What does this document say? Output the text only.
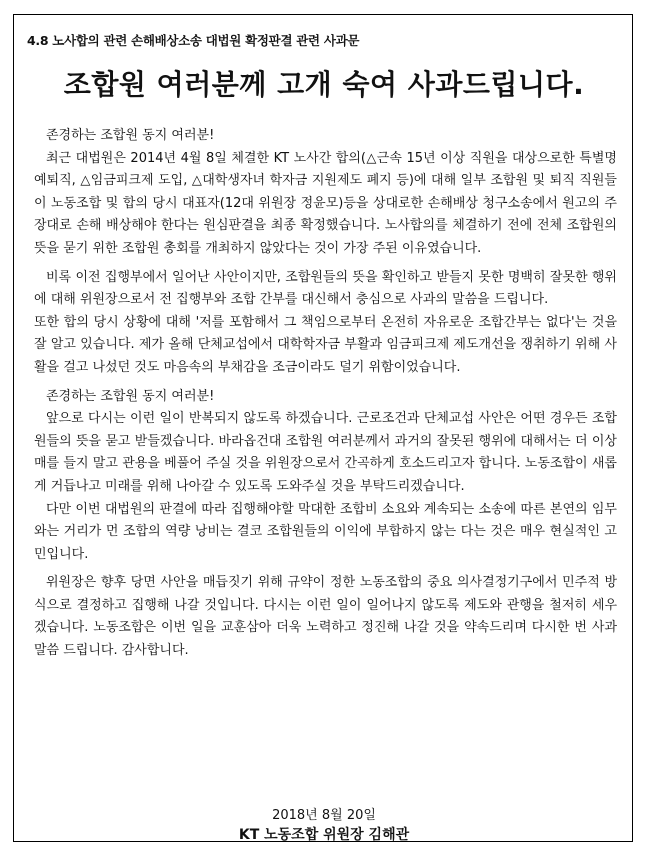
4.8 노사합의 관련 손해배상소송 대법원 확정판결 관련 사과문
조합원 여러분께 고개 숙여 사과드립니다.

존경하는 조합원 동지 여러분!

최근 대법원은 2014년 4월 8일 체결한 KT 노사간 합의(△근속 15년 이상 직원을 대상으로한 특별명예퇴직, △임금피크제 도입, △대학생자녀 학자금 지원제도 폐지 등)에 대해 일부 조합원 및 퇴직 직원들이 노동조합 및 합의 당시 대표자(12대 위원장 정윤모)등을 상대로한 손해배상 청구소송에서 원고의 주장대로 손해 배상해야 한다는 원심판결을 최종 확정했습니다. 노사합의를 체결하기 전에 전체 조합원의 뜻을 묻기 위한 조합원 총회를 개최하지 않았다는 것이 가장 주된 이유였습니다.

비록 이전 집행부에서 일어난 사안이지만, 조합원들의 뜻을 확인하고 받들지 못한 명백히 잘못한 행위에 대해 위원장으로서 전 집행부와 조합 간부를 대신해서 충심으로 사과의 말씀을 드립니다.

또한 합의 당시 상황에 대해 '저를 포함해서 그 책임으로부터 온전히 자유로운 조합간부는 없다'는 것을 잘 알고 있습니다. 제가 올해 단체교섭에서 대학학자금 부활과 임금피크제 제도개선을 쟁취하기 위해 사활을 걸고 나섰던 것도 마음속의 부채감을 조금이라도 덜기 위함이었습니다.

존경하는 조합원 동지 여러분!

앞으로 다시는 이런 일이 반복되지 않도록 하겠습니다. 근로조건과 단체교섭 사안은 어떤 경우든 조합원들의 뜻을 묻고 받들겠습니다. 바라옵건대 조합원 여러분께서 과거의 잘못된 행위에 대해서는 더 이상 매를 들지 말고 관용을 베풀어 주실 것을 위원장으로서 간곡하게 호소드리고자 합니다. 노동조합이 새롭게 거듭나고 미래를 위해 나아갈 수 있도록 도와주실 것을 부탁드리겠습니다.

다만 이번 대법원의 판결에 따라 집행해야할 막대한 조합비 소요와 계속되는 소송에 따른 본연의 임무와는 거리가 먼 조합의 역량 낭비는 결코 조합원들의 이익에 부합하지 않는 다는 것은 매우 현실적인 고민입니다.

위원장은 향후 당면 사안을 매듭짓기 위해 규약이 정한 노동조합의 중요 의사결정기구에서 민주적 방식으로 결정하고 집행해 나갈 것입니다. 다시는 이런 일이 일어나지 않도록 제도와 관행을 철저히 세우겠습니다. 노동조합은 이번 일을 교훈삼아 더욱 노력하고 정진해 나갈 것을 약속드리며 다시한 번 사과 말씀 드립니다. 감사합니다.

2018년 8월 20일
KT 노동조합 위원장 김해관
